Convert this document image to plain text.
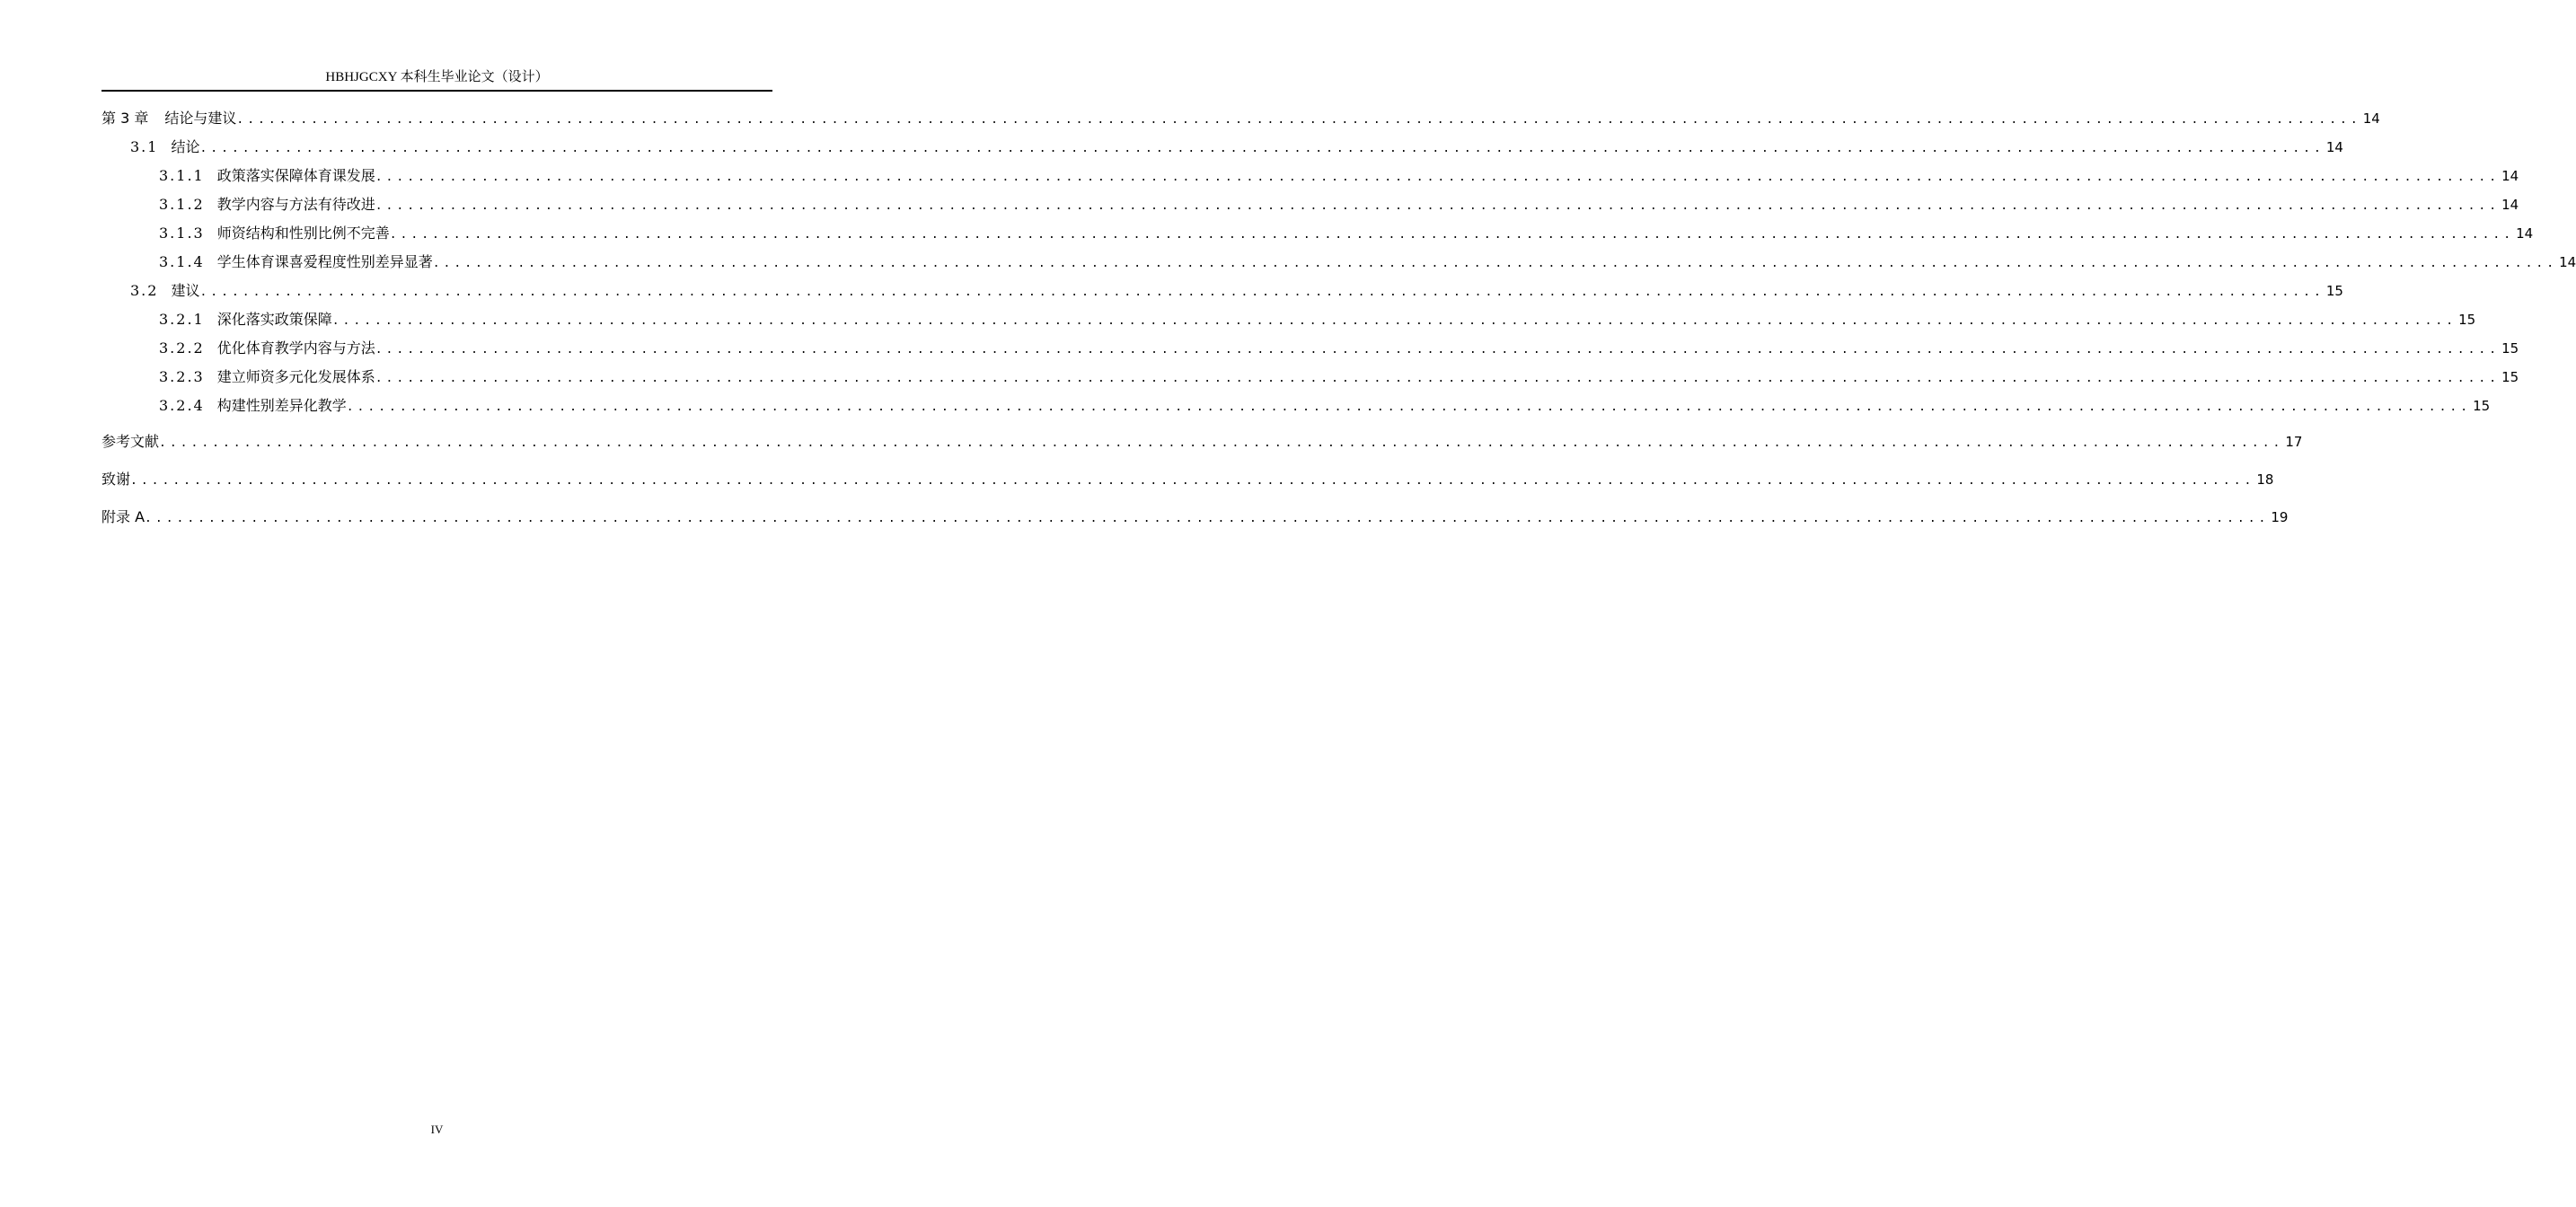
HBHJGCXY 本科生毕业论文（设计）
第 3 章	结论与建议 ........................................................................................................................................................................................................ 14
3.1 结论 ........................................................................................................................................................................................................ 14
3.1.1 政策落实保障体育课发展 ........................................................................................................................................................................................................ 14
3.1.2 教学内容与方法有待改进 ........................................................................................................................................................................................................ 14
3.1.3 师资结构和性别比例不完善 ........................................................................................................................................................................................................ 14
3.1.4 学生体育课喜爱程度性别差异显著 ........................................................................................................................................................................................................ 14
3.2 建议 ........................................................................................................................................................................................................ 15
3.2.1 深化落实政策保障 ........................................................................................................................................................................................................ 15
3.2.2 优化体育教学内容与方法 ........................................................................................................................................................................................................ 15
3.2.3 建立师资多元化发展体系 ........................................................................................................................................................................................................ 15
3.2.4 构建性别差异化教学 ........................................................................................................................................................................................................ 15
参考文献 ........................................................................................................................................................................................................ 17
致谢 ........................................................................................................................................................................................................ 18
附录 A ........................................................................................................................................................................................................ 19
IV
